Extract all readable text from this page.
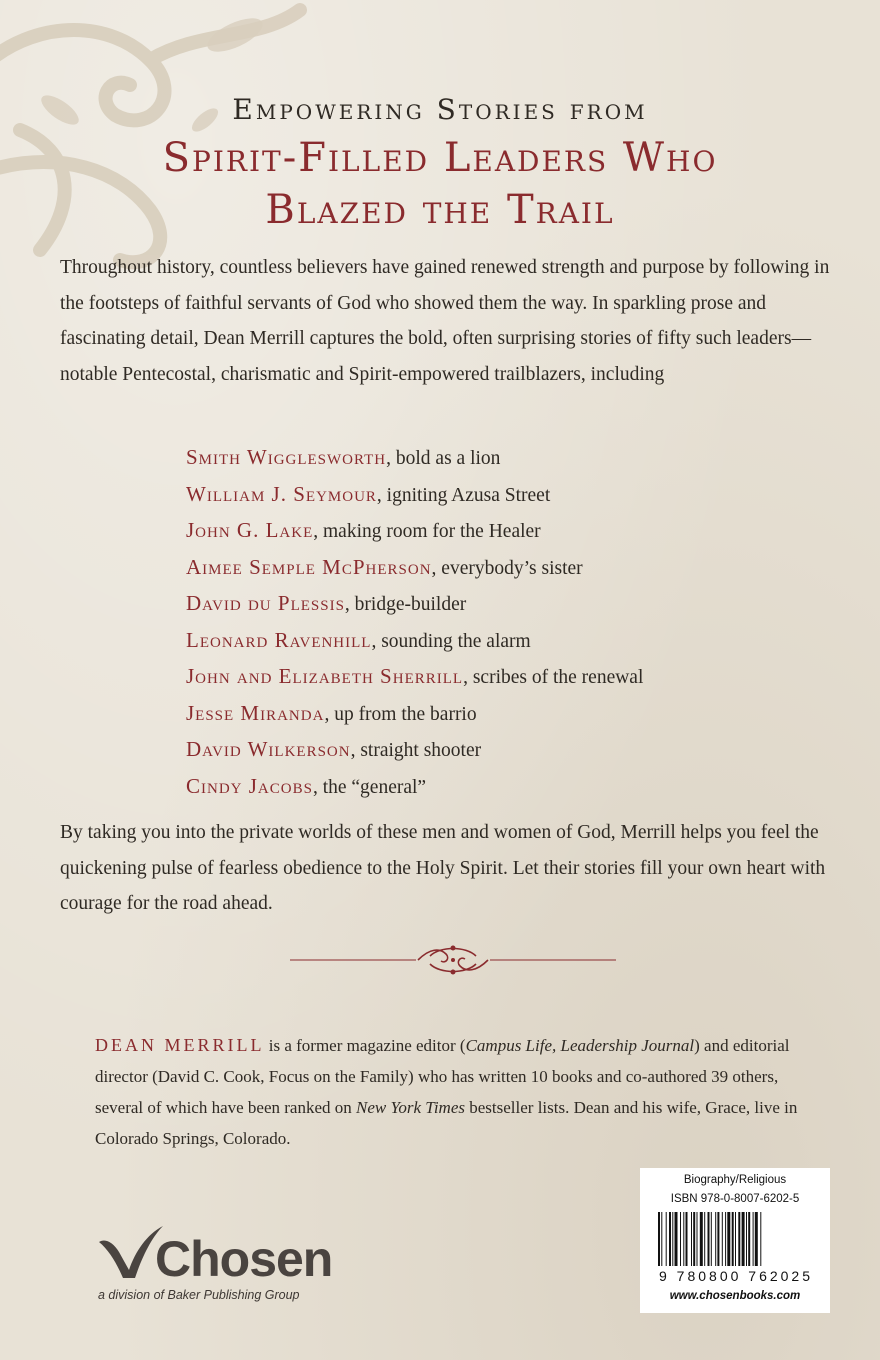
Empowering Stories from
Spirit-Filled Leaders Who
Blazed the Trail

Throughout history, countless believers have gained renewed strength and purpose by following in the footsteps of faithful servants of God who showed them the way. In sparkling prose and fascinating detail, Dean Merrill captures the bold, often surprising stories of fifty such leaders—notable Pentecostal, charismatic and Spirit-empowered trailblazers, including

Smith Wigglesworth, bold as a lion
William J. Seymour, igniting Azusa Street
John G. Lake, making room for the Healer
Aimee Semple McPherson, everybody’s sister
David du Plessis, bridge-builder
Leonard Ravenhill, sounding the alarm
John and Elizabeth Sherrill, scribes of the renewal
Jesse Miranda, up from the barrio
David Wilkerson, straight shooter
Cindy Jacobs, the “general”

By taking you into the private worlds of these men and women of God, Merrill helps you feel the quickening pulse of fearless obedience to the Holy Spirit. Let their stories fill your own heart with courage for the road ahead.

DEAN MERRILL is a former magazine editor (Campus Life, Leadership Journal) and editorial director (David C. Cook, Focus on the Family) who has written 10 books and co-authored 39 others, several of which have been ranked on New York Times bestseller lists. Dean and his wife, Grace, live in Colorado Springs, Colorado.

Chosen
a division of Baker Publishing Group
Biography/Religious
ISBN 978-0-8007-6202-5
9 780800 762025
www.chosenbooks.com
